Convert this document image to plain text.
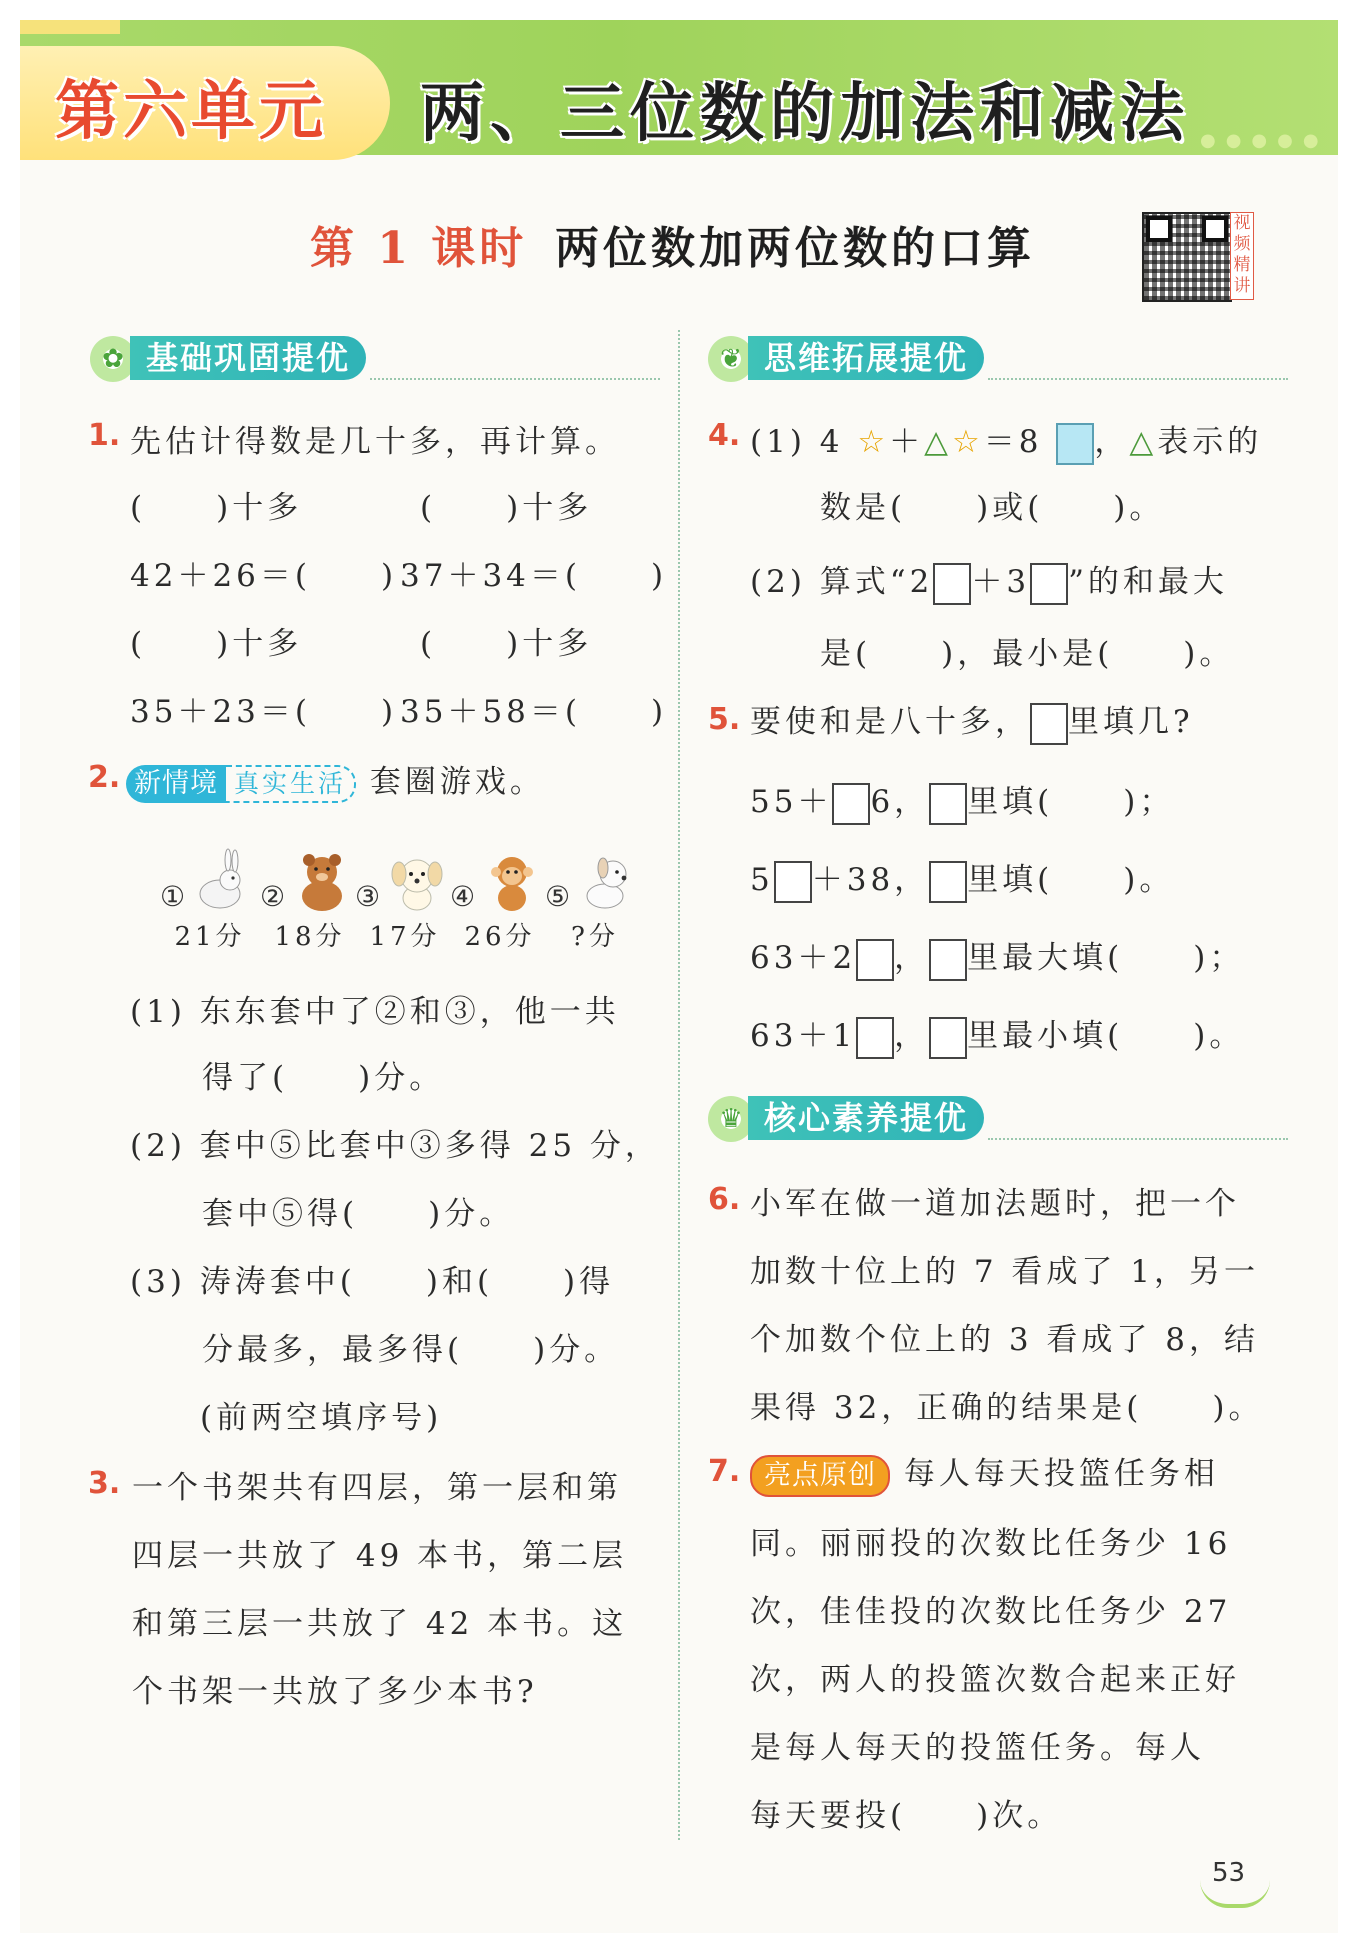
第六单元 两、三位数的加法和减法 ●●●●●
第 1 课时 两位数加两位数的口算	视频精讲
✿ 基础巩固提优
1. 先估计得数是几十多，再计算。
(　　)十多	(　　)十多
42＋26＝(　　) 37＋34＝(　　)
(　　)十多	(　　)十多
35＋23＝(　　) 35＋58＝(　　)
2. 新情境 真实生活 套圈游戏。
①
21分
②
18分
③
17分
④
26分
⑤
?分
(1) 东东套中了②和③，他一共
得了(　　)分。
(2) 套中⑤比套中③多得 25 分，
套中⑤得(　　)分。
(3) 涛涛套中(　　)和(　　)得
分最多，最多得(　　)分。
(前两空填序号)
3. 一个书架共有四层，第一层和第
四层一共放了 49 本书，第二层
和第三层一共放了 42 本书。这
个书架一共放了多少本书?
❦ 思维拓展提优
4. (1) 4 ☆＋△☆＝8 ，△表示的
数是(　　)或(　　)。
(2) 算式“2 ＋3 ”的和最大
是(　　)，最小是(　　)。
5. 要使和是八十多， 里填几?
55＋ 6， 里填(　　)；
5 ＋38， 里填(　　)。
63＋2 ， 里最大填(　　)；
63＋1 ， 里最小填(　　)。
♛ 核心素养提优
6. 小军在做一道加法题时，把一个
加数十位上的 7 看成了 1，另一
个加数个位上的 3 看成了 8，结
果得 32，正确的结果是(　　)。
7. 亮点原创 每人每天投篮任务相
同。丽丽投的次数比任务少 16
次，佳佳投的次数比任务少 27
次，两人的投篮次数合起来正好
是每人每天的投篮任务。每人
每天要投(　　)次。
53
